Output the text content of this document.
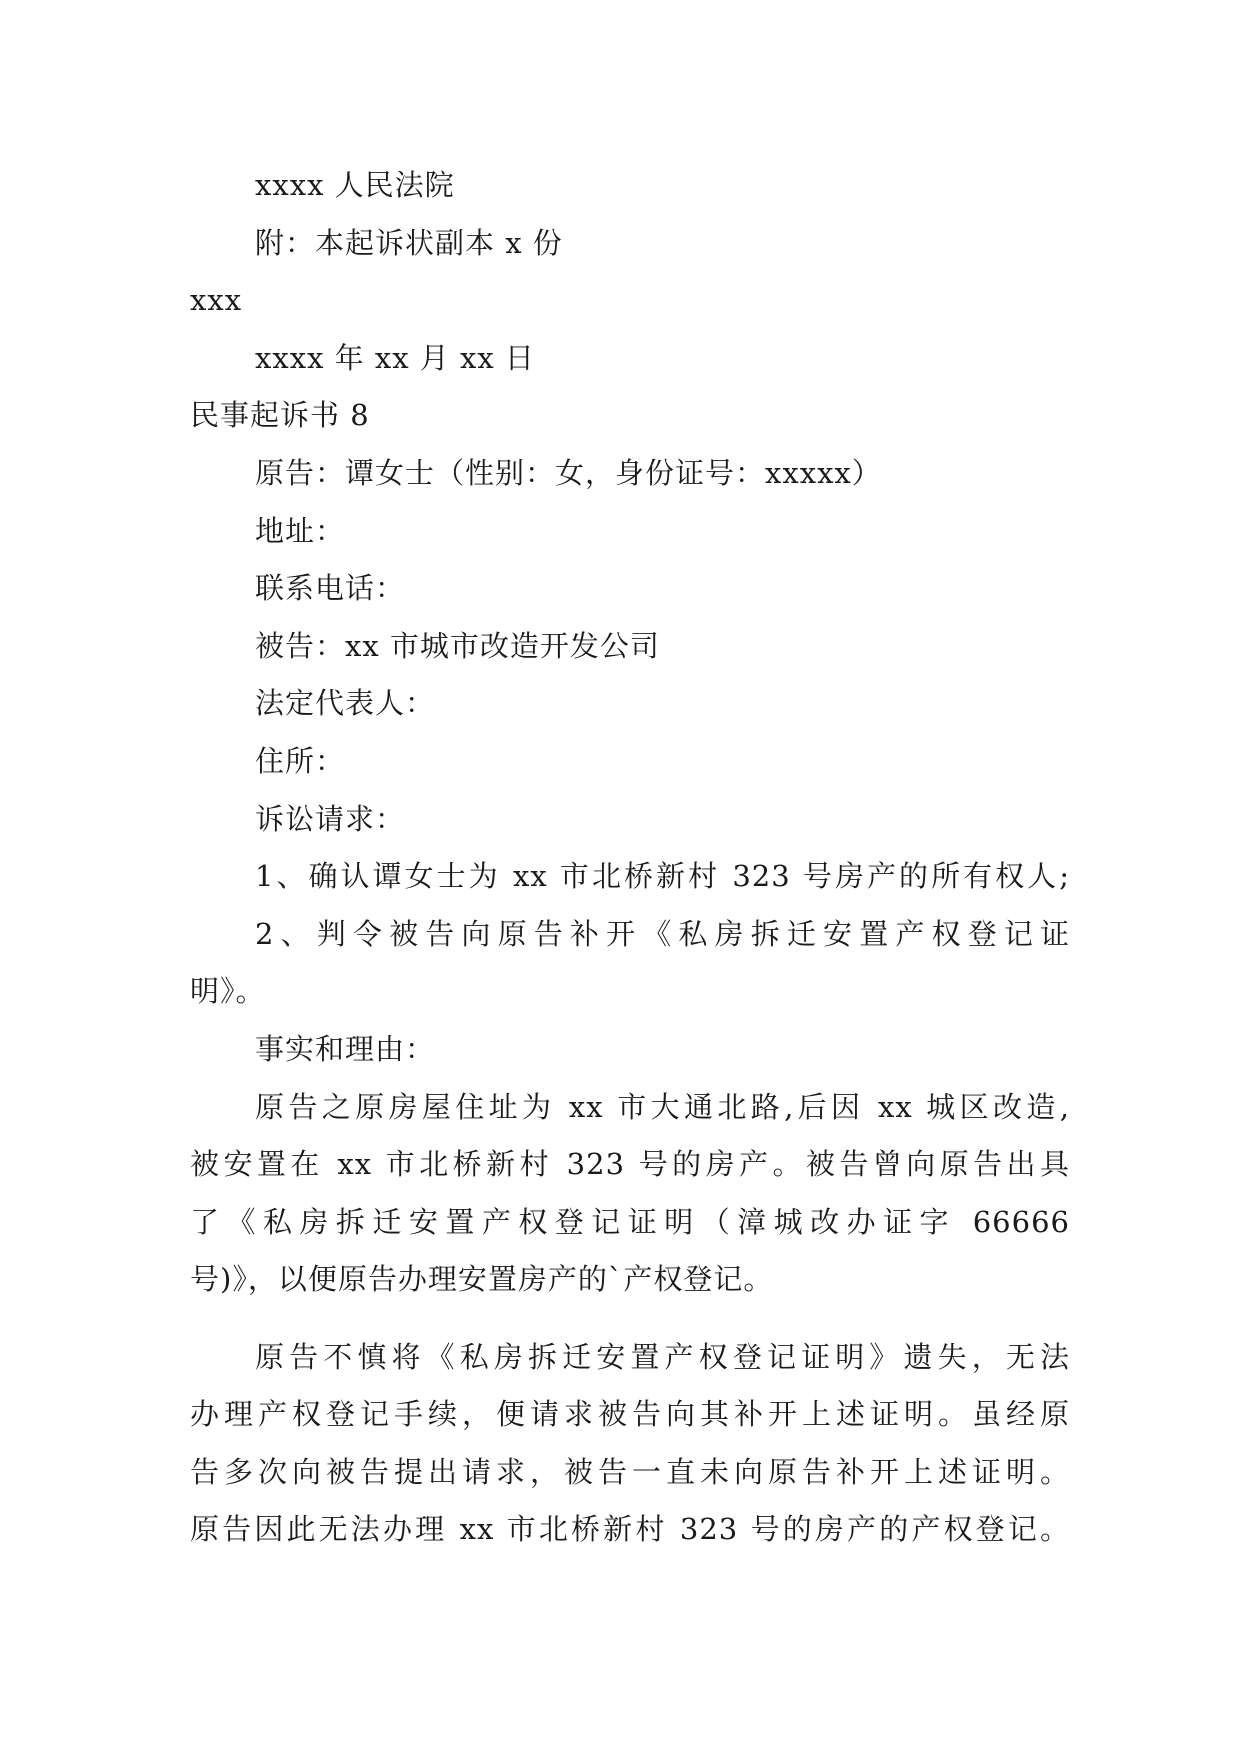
xxxx 人民法院
附：本起诉状副本 x 份
xxx
xxxx 年 xx 月 xx 日
民事起诉书 8
原告：谭女士（性别：女，身份证号：xxxxx）
地址：
联系电话：
被告：xx 市城市改造开发公司
法定代表人：
住所：
诉讼请求：
1、确认谭女士为 xx 市北桥新村 323 号房产的所有权人;
2、判令被告向原告补开《私房拆迁安置产权登记证
明》。
事实和理由：
原告之原房屋住址为 xx 市大通北路,后因 xx 城区改造,
被安置在 xx 市北桥新村 323 号的房产。被告曾向原告出具
了《私房拆迁安置产权登记证明（漳城改办证字 66666
号)》，以便原告办理安置房产的`产权登记。
原告不慎将《私房拆迁安置产权登记证明》遗失，无法
办理产权登记手续，便请求被告向其补开上述证明。虽经原
告多次向被告提出请求，被告一直未向原告补开上述证明。
原告因此无法办理 xx 市北桥新村 323 号的房产的产权登记。
